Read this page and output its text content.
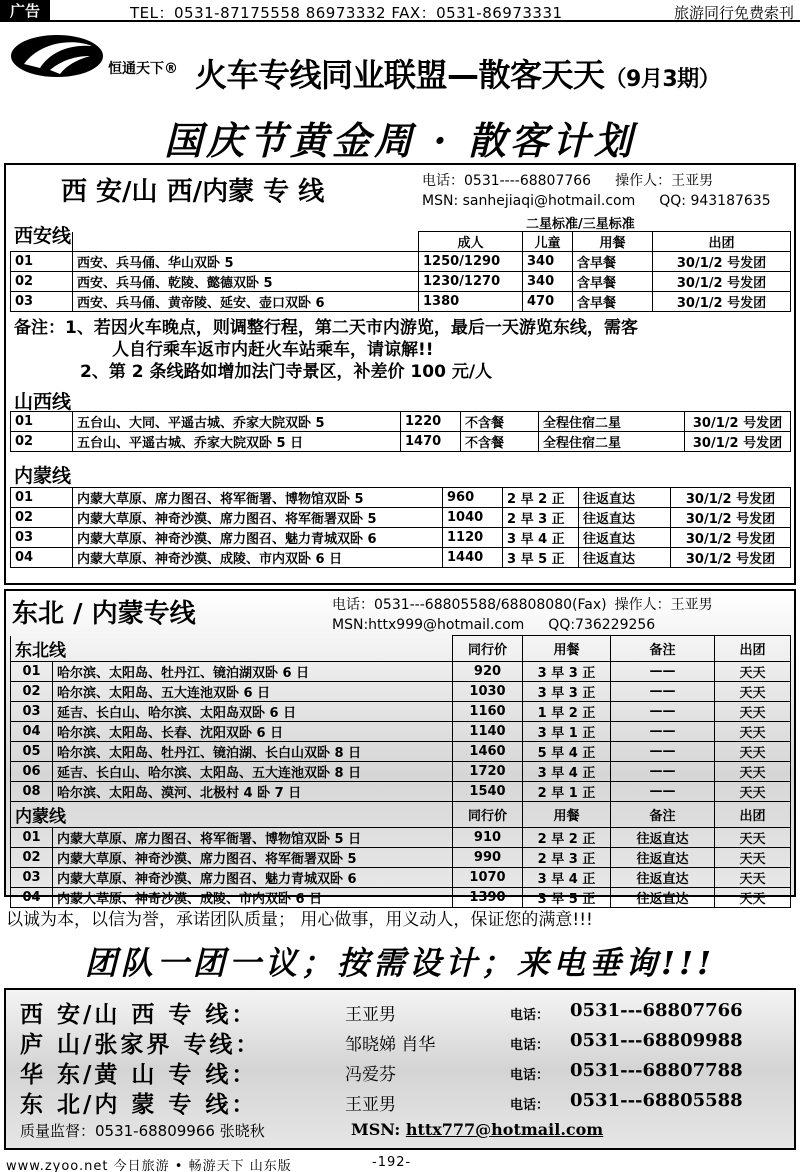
广告	TEL：0531-87175558 86973332 FAX：0531-86973331	旅游同行免费索刊
恒通天下® 火车专线同业联盟—散客天天（9月3期）
国庆节黄金周 · 散客计划
西 安/山 西/内蒙 专 线	电话：0531----68807766 操作人：王亚男
MSN: sanhejiaqi@hotmail.com QQ: 943187635
二星标准/三星标准
西安线
			成人	儿童	用餐	出团
01	西安、兵马俑、华山双卧 5	1250/1290	340	含早餐	30/1/2 号发团
02	西安、兵马俑、乾陵、懿德双卧 5	1230/1270	340	含早餐	30/1/2 号发团
03	西安、兵马俑、黄帝陵、延安、壶口双卧 6	1380	470	含早餐	30/1/2 号发团
备注：1、若因火车晚点，则调整行程，第二天市内游览，最后一天游览东线，需客
人自行乘车返市内赶火车站乘车，请谅解!!
2、第 2 条线路如增加法门寺景区，补差价 100 元/人
山西线
01	五台山、大同、平遥古城、乔家大院双卧 5	1220	不含餐	全程住宿二星	30/1/2 号发团
02	五台山、平遥古城、乔家大院双卧 5 日	1470	不含餐	全程住宿二星	30/1/2 号发团
内蒙线
01	内蒙大草原、席力图召、将军衙署、博物馆双卧 5	960	2 早 2 正	往返直达	30/1/2 号发团
02	内蒙大草原、神奇沙漠、席力图召、将军衙署双卧 5	1040	2 早 3 正	往返直达	30/1/2 号发团
03	内蒙大草原、神奇沙漠、席力图召、魅力青城双卧 6	1120	3 早 4 正	往返直达	30/1/2 号发团
04	内蒙大草原、神奇沙漠、成陵、市内双卧 6 日	1440	3 早 5 正	往返直达	30/1/2 号发团
东北 / 内蒙专线	电话：0531---68805588/68808080(Fax) 操作人：王亚男
MSN:httx999@hotmail.com QQ:736229256
东北线		同行价	用餐	备注	出团
01	哈尔滨、太阳岛、牡丹江、镜泊湖双卧 6 日	920	3 早 3 正	——	天天
02	哈尔滨、太阳岛、五大连池双卧 6 日	1030	3 早 3 正	——	天天
03	延吉、长白山、哈尔滨、太阳岛双卧 6 日	1160	1 早 2 正	——	天天
04	哈尔滨、太阳岛、长春、沈阳双卧 6 日	1140	3 早 1 正	——	天天
05	哈尔滨、太阳岛、牡丹江、镜泊湖、长白山双卧 8 日	1460	5 早 4 正	——	天天
06	延吉、长白山、哈尔滨、太阳岛、五大连池双卧 8 日	1720	3 早 4 正	——	天天
08	哈尔滨、太阳岛、漠河、北极村 4 卧 7 日	1540	2 早 1 正	——	天天
内蒙线		同行价	用餐	备注	出团
01	内蒙大草原、席力图召、将军衙署、博物馆双卧 5 日	910	2 早 2 正	往返直达	天天
02	内蒙大草原、神奇沙漠、席力图召、将军衙署双卧 5	990	2 早 3 正	往返直达	天天
03	内蒙大草原、神奇沙漠、席力图召、魅力青城双卧 6	1070	3 早 4 正	往返直达	天天
04	内蒙大草原、神奇沙漠、成陵、市内双卧 6 日	1390	3 早 5 正	往返直达	天天
以诚为本，以信为誉，承诺团队质量； 用心做事，用义动人，保证您的满意!!!
团队一团一议；按需设计；来电垂询!!!
西 安/山 西 专 线：	王亚男	电话： 0531---68807766
庐 山/张家界 专线：	邹晓娣 肖华	电话： 0531---68809988
华 东/黄 山 专 线：	冯爱芬	电话： 0531---68807788
东 北/内 蒙 专 线：	王亚男	电话： 0531---68805588
质量监督：0531-68809966 张晓秋	MSN: httx777@hotmail.com
www.zyoo.net 今日旅游 • 畅游天下 山东版	-192-
